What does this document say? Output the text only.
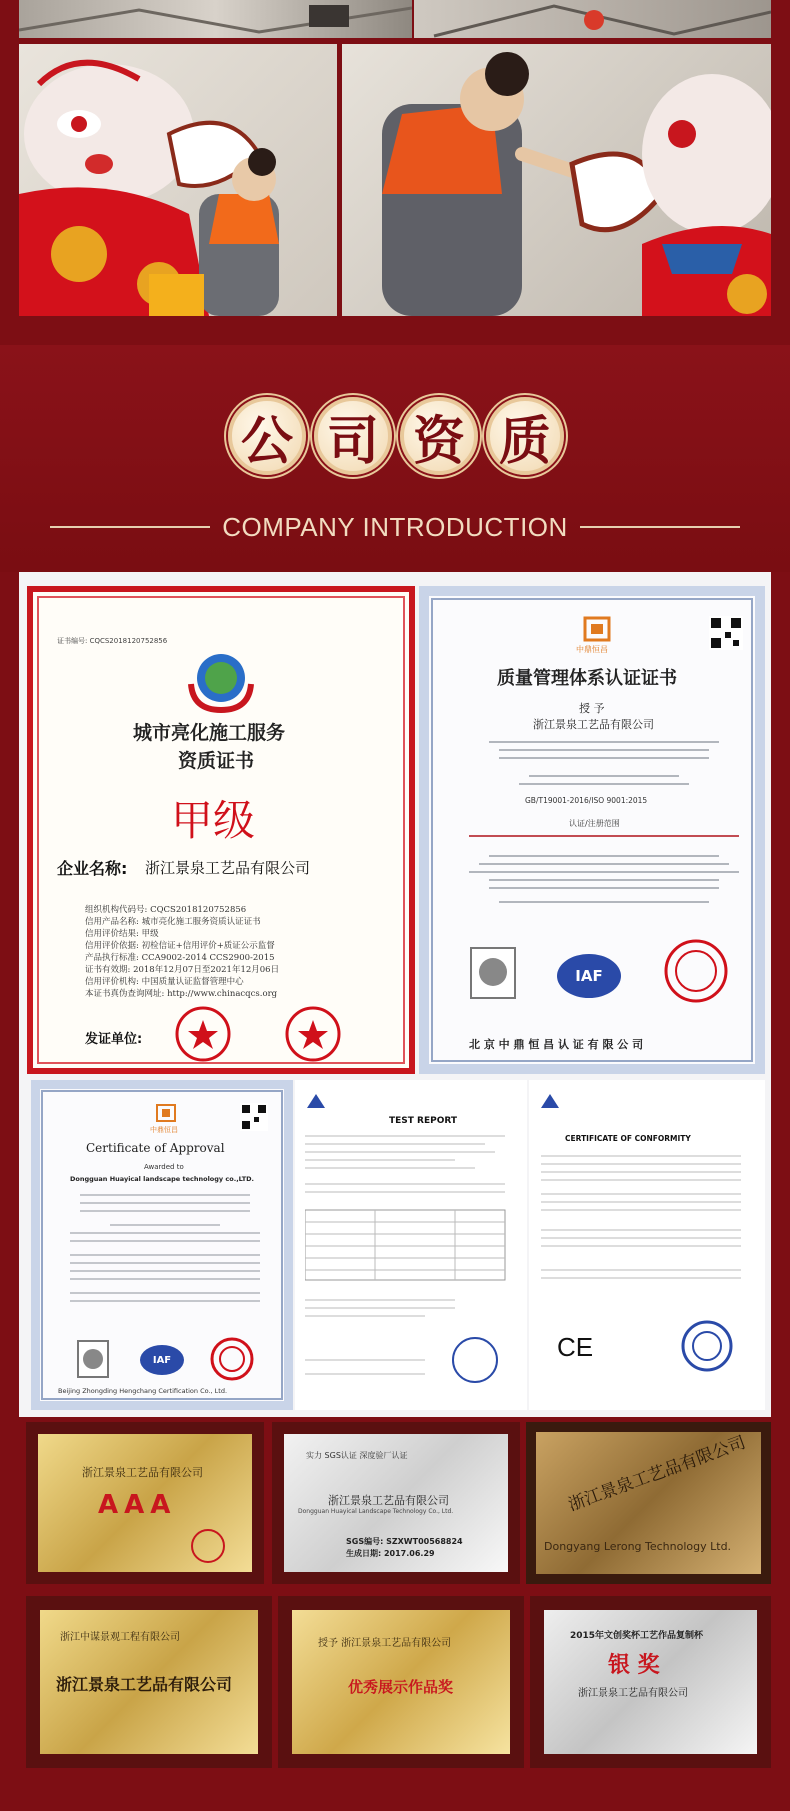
公 司 资 质
COMPANY INTRODUCTION
证书编号: CQCS2018120752856
城市亮化施工服务
资质证书
甲级
企业名称: 浙江景泉工艺品有限公司
组织机构代码号: CQCS2018120752856
信用产品名称: 城市亮化施工服务资质认证证书
信用评价结果: 甲级
信用评价依据: 初检信证+信用评价+质证公示监督
产品执行标准: CCA9002-2014 CCS2900-2015
证书有效期: 2018年12月07日至2021年12月06日
信用评价机构: 中国质量认证监督管理中心
本证书真伪查询网址: http://www.chinacqcs.org
发证单位:
中鼎恒昌
质量管理体系认证证书
授 予
浙江景泉工艺品有限公司
GB/T19001-2016/ISO 9001:2015
认证/注册范围
IAF
北 京 中 鼎 恒 昌 认 证 有 限 公 司
中鼎恒昌
Certificate of Approval
Awarded to
Dongguan Huayical landscape technology co.,LTD.
IAF
Beijing Zhongding Hengchang Certification Co., Ltd.
TEST REPORT
CERTIFICATE OF CONFORMITY
CE
浙江景泉工艺品有限公司
AAA
实力 SGS认证 深度验厂认证
浙江景泉工艺品有限公司
Dongguan Huayical Landscape Technology Co., Ltd.
SGS编号: SZXWT00568824
生成日期: 2017.06.29
浙江景泉工艺品有限公司
Dongyang Lerong Technology Ltd.
浙江中谋景观工程有限公司
浙江景泉工艺品有限公司
授予 浙江景泉工艺品有限公司
优秀展示作品奖
2015年文创奖杯工艺作品复制杯
银 奖
浙江景泉工艺品有限公司
